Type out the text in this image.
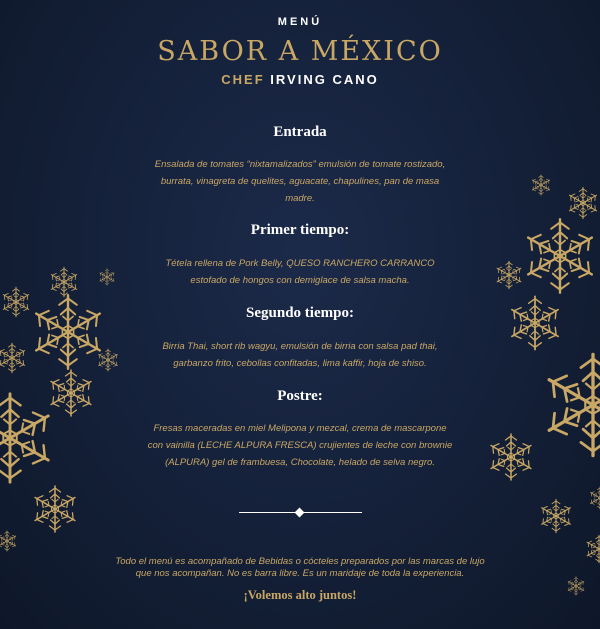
MENÚ
SABOR A MÉXICO
CHEF IRVING CANO
Entrada
Ensalada de tomates “nixtamalizados” emulsión de tomate rostizado,
burrata, vinagreta de quelites, aguacate, chapulines, pan de masa
madre.
Primer tiempo:
Tétela rellena de Pork Belly, QUESO RANCHERO CARRANCO
estofado de hongos con demiglace de salsa macha.
Segundo tiempo:
Birria Thai, short rib wagyu, emulsión de birria con salsa pad thai,
garbanzo frito, cebollas confitadas, lima kaffir, hoja de shiso.
Postre:
Fresas maceradas en miel Melipona y mezcal, crema de mascarpone
con vainilla (LECHE ALPURA FRESCA) crujientes de leche con brownie
(ALPURA) gel de frambuesa, Chocolate, helado de selva negro.
Todo el menú es acompañado de Bebidas o cócteles preparados por las marcas de lujo
que nos acompañan. No es barra libre. Es un maridaje de toda la experiencia.
¡Volemos alto juntos!
